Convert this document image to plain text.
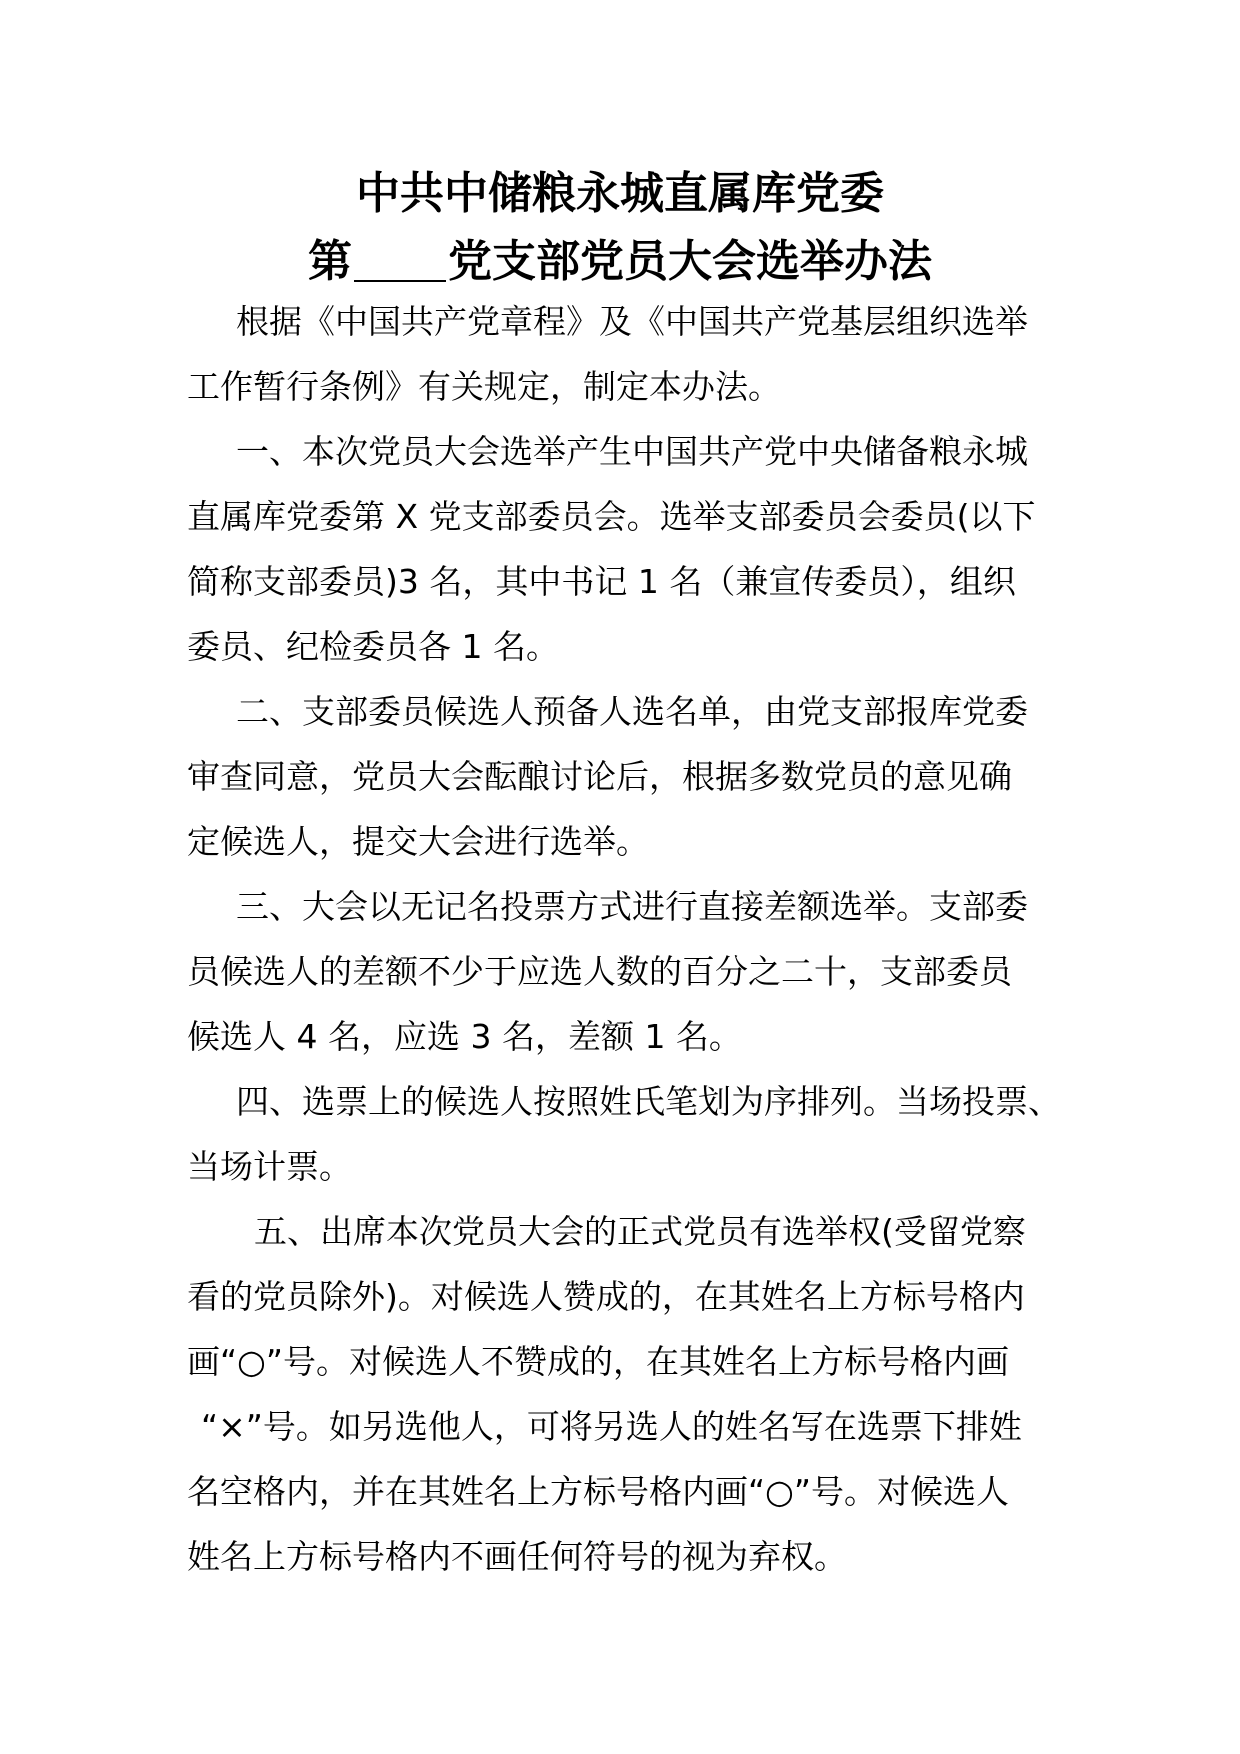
中共中储粮永城直属库党委
第 党支部党员大会选举办法
根据《中国共产党章程》及《中国共产党基层组织选举
工作暂行条例》有关规定，制定本办法。
一、本次党员大会选举产生中国共产党中央储备粮永城
直属库党委第 X 党支部委员会。选举支部委员会委员(以下
简称支部委员)3 名，其中书记 1 名（兼宣传委员），组织
委员、纪检委员各 1 名。
二、支部委员候选人预备人选名单，由党支部报库党委
审查同意，党员大会酝酿讨论后，根据多数党员的意见确
定候选人，提交大会进行选举。
三、大会以无记名投票方式进行直接差额选举。支部委
员候选人的差额不少于应选人数的百分之二十，支部委员
候选人 4 名，应选 3 名，差额 1 名。
四、选票上的候选人按照姓氏笔划为序排列。当场投票、
当场计票。
五、出席本次党员大会的正式党员有选举权(受留党察
看的党员除外)。对候选人赞成的，在其姓名上方标号格内
画“○”号。对候选人不赞成的，在其姓名上方标号格内画
“×”号。如另选他人，可将另选人的姓名写在选票下排姓
名空格内，并在其姓名上方标号格内画“○”号。对候选人
姓名上方标号格内不画任何符号的视为弃权。
